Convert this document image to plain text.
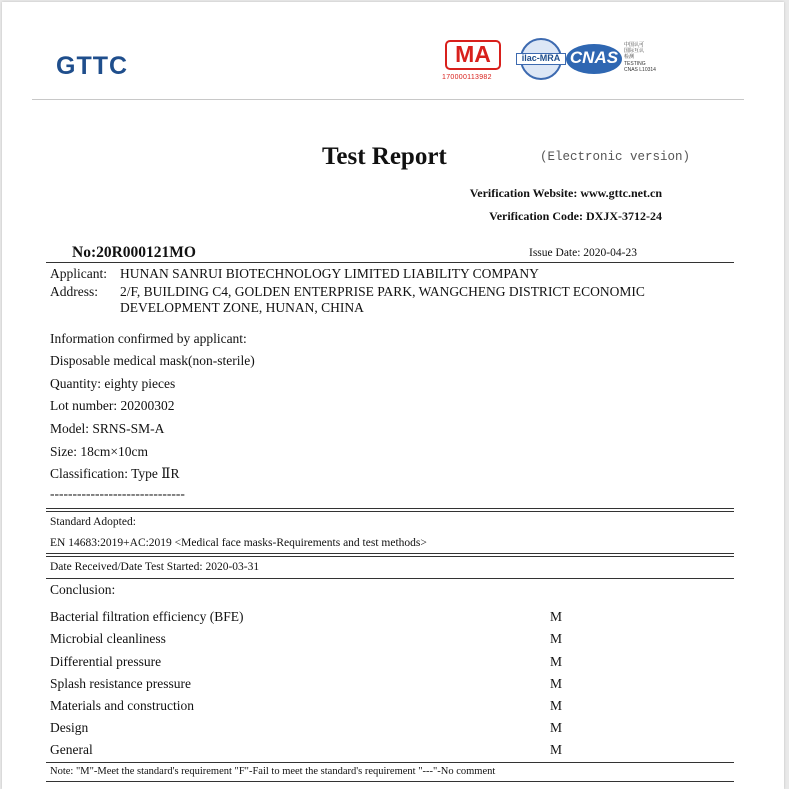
GTTC	MA
170000113982
ilac-MRA CNAS
中国认可
国际互认
检测
TESTING
CNAS L10314
Test Report	(Electronic version)
Verification Website: www.gttc.net.cn
Verification Code: DXJX-3712-24
No:20R000121MO	Issue Date: 2020-04-23
Applicant: HUNAN SANRUI BIOTECHNOLOGY LIMITED LIABILITY COMPANY
Address: 2/F, BUILDING C4, GOLDEN ENTERPRISE PARK, WANGCHENG DISTRICT ECONOMIC
DEVELOPMENT ZONE, HUNAN, CHINA
Information confirmed by applicant:
Disposable medical mask(non-sterile)
Quantity: eighty pieces
Lot number: 20200302
Model: SRNS-SM-A
Size: 18cm×10cm
Classification: Type ⅡR
------------------------------
Standard Adopted:
EN 14683:2019+AC:2019 <Medical face masks-Requirements and test methods>
Date Received/Date Test Started: 2020-03-31
Conclusion:
Bacterial filtration efficiency (BFE)	M
Microbial cleanliness	M
Differential pressure	M
Splash resistance pressure	M
Materials and construction	M
Design	M
General	M
Note: "M"-Meet the standard's requirement "F"-Fail to meet the standard's requirement "---"-No comment
